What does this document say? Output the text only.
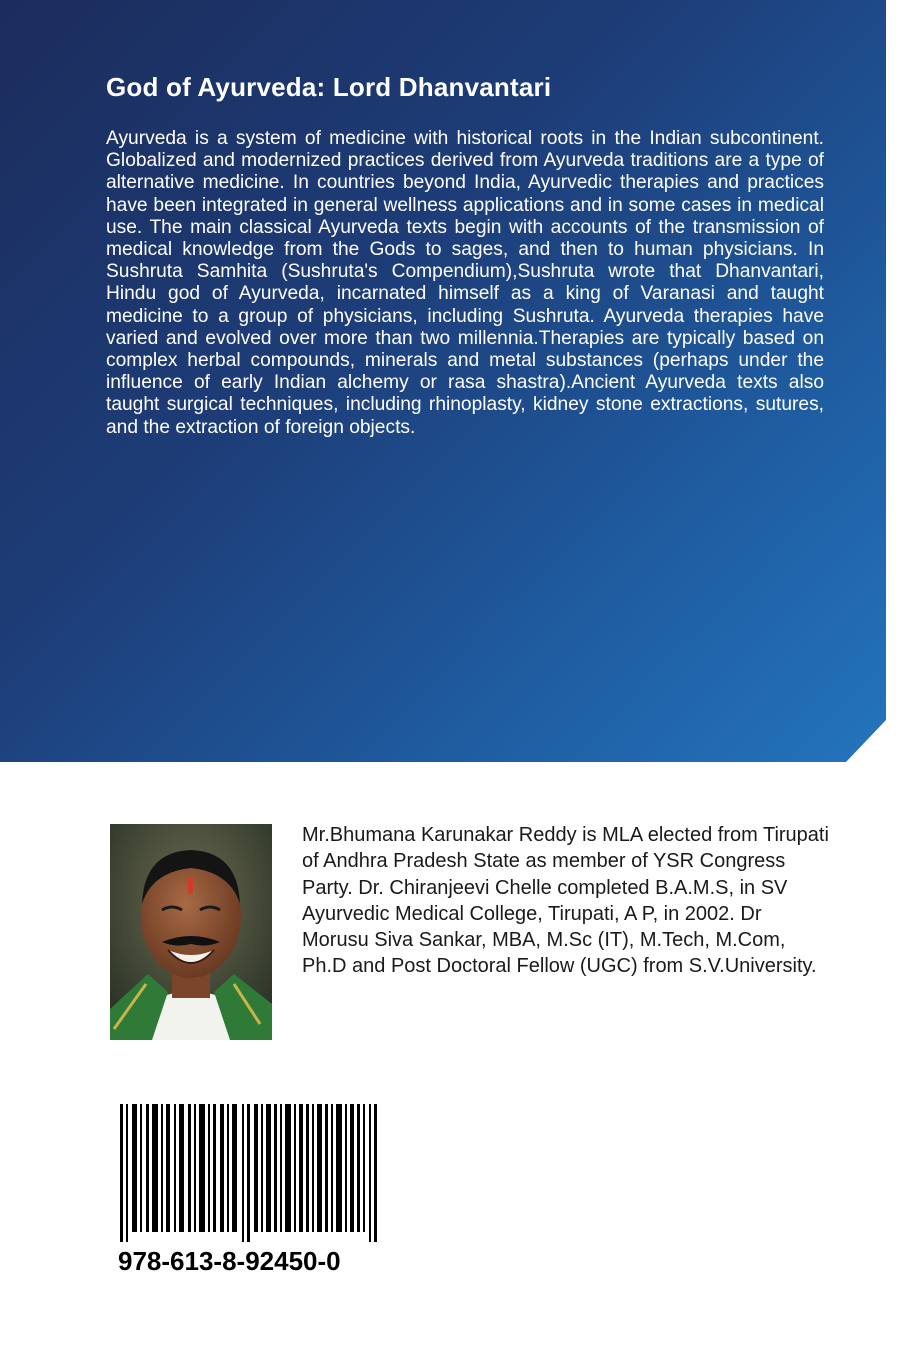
God of Ayurveda: Lord Dhanvantari

Ayurveda is a system of medicine with historical roots in the Indian subcontinent. Globalized and modernized practices derived from Ayurveda traditions are a type of alternative medicine. In countries beyond India, Ayurvedic therapies and practices have been integrated in general wellness applications and in some cases in medical use. The main classical Ayurveda texts begin with accounts of the transmission of medical knowledge from the Gods to sages, and then to human physicians. In Sushruta Samhita (Sushruta's Compendium),Sushruta wrote that Dhanvantari, Hindu god of Ayurveda, incarnated himself as a king of Varanasi and taught medicine to a group of physicians, including Sushruta. Ayurveda therapies have varied and evolved over more than two millennia.Therapies are typically based on complex herbal compounds, minerals and metal substances (perhaps under the influence of early Indian alchemy or rasa shastra).Ancient Ayurveda texts also taught surgical techniques, including rhinoplasty, kidney stone extractions, sutures, and the extraction of foreign objects.

Mr.Bhumana Karunakar Reddy is MLA elected from Tirupati of Andhra Pradesh State as member of YSR Congress Party. Dr. Chiranjeevi Chelle completed B.A.M.S, in SV Ayurvedic Medical College, Tirupati, A P, in 2002. Dr Morusu Siva Sankar, MBA, M.Sc (IT), M.Tech, M.Com, Ph.D and Post Doctoral Fellow (UGC) from S.V.University.

978-613-8-92450-0
